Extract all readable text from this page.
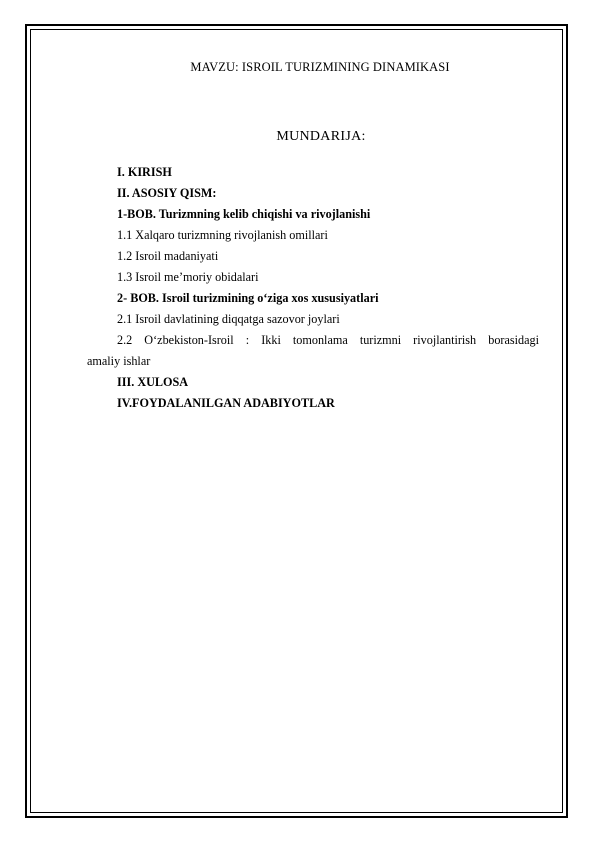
MAVZU: ISROIL TURIZMINING DINAMIKASI
MUNDARIJA:
I. KIRISH
II. ASOSIY QISM:
1-BOB. Turizmning kelib chiqishi va rivojlanishi
1.1 Xalqaro turizmning rivojlanish omillari
1.2 Isroil madaniyati
1.3 Isroil me’moriy obidalari
2- BOB. Isroil turizmining o‘ziga xos xususiyatlari
2.1 Isroil davlatining diqqatga sazovor joylari
2.2 O‘zbekiston-Isroil : Ikki tomonlama turizmni rivojlantirish borasidagi
amaliy ishlar
III. XULOSA
IV.FOYDALANILGAN ADABIYOTLAR
